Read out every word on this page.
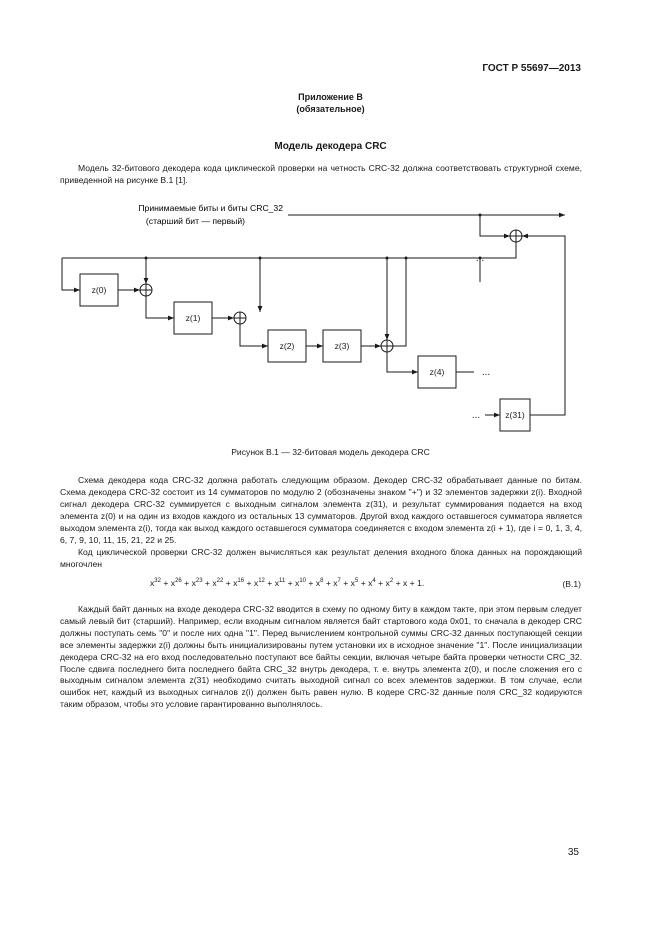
ГОСТ Р 55697—2013
Приложение В
(обязательное)
Модель декодера CRC

Модель 32-битового декодера кода циклической проверки на четность CRC-32 должна соответствовать структурной схеме, приведенной на рисунке В.1 [1].

Принимаемые биты и биты CRC_32
(старший бит — первый)
z(0)
z(1)
z(2)	z(3)
z(4)
z(31)
...
...
...
Рисунок В.1 — 32-битовая модель декодера CRC

Схема декодера кода CRC-32 должна работать следующим образом. Декодер CRC-32 обрабатывает данные по битам. Схема декодера CRC-32 состоит из 14 сумматоров по модулю 2 (обозначены знаком "+") и 32 элементов задержки z(i). Входной сигнал декодера CRC-32 суммируется с выходным сигналом элемента z(31), и результат суммирования подается на вход элемента z(0) и на один из входов каждого из остальных 13 сумматоров. Другой вход каждого оставшегося сумматора является выходом элемента z(i), тогда как выход каждого оставшегося сумматора соединяется с входом элемента z(i + 1), где i = 0, 1, 3, 4, 6, 7, 9, 10, 11, 15, 21, 22 и 25.

Код циклической проверки CRC-32 должен вычисляться как результат деления входного блока данных на порождающий многочлен

$x^{32} + x^{26} + x^{23} + x^{22} + x^{16} + x^{12} + x^{11} + x^{10} + x^8 + x^7 + x^5 + x^4 + x^2 + x + 1$.	(В.1)

Каждый байт данных на входе декодера CRC-32 вводится в схему по одному биту в каждом такте, при этом первым следует самый левый бит (старший). Например, если входным сигналом является байт стартового кода 0x01, то сначала в декодер CRC должны поступать семь "0" и после них одна "1". Перед вычислением контрольной суммы CRC-32 данных поступающей секции все элементы задержки z(i) должны быть инициализированы путем установки их в исходное значение "1". После инициализации декодера CRC-32 на его вход последовательно поступают все байты секции, включая четыре байта проверки четности CRC_32. После сдвига последнего бита последнего байта CRC_32 внутрь декодера, т. е. внутрь элемента z(0), и после сложения его с выходным сигналом элемента z(31) необходимо считать выходной сигнал со всех элементов задержки. В том случае, если ошибок нет, каждый из выходных сигналов z(i) должен быть равен нулю. В кодере CRC-32 данные поля CRC_32 кодируются таким образом, чтобы это условие гарантированно выполнялось.

35
